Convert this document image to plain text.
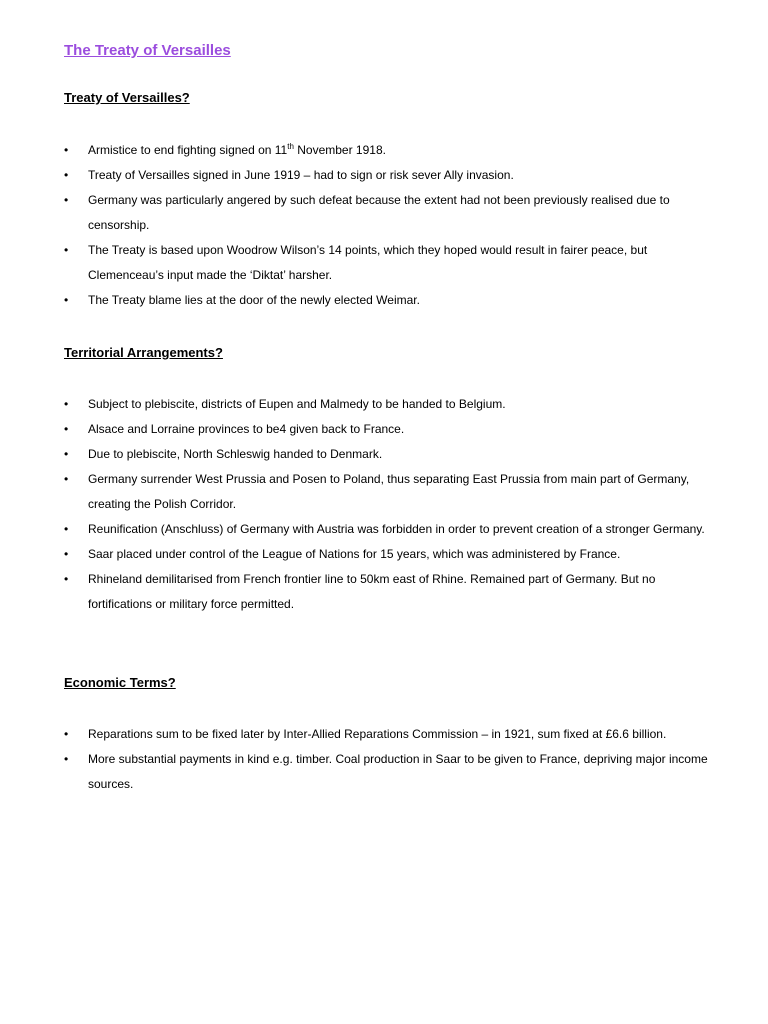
The Treaty of Versailles
Treaty of Versailles?
• Armistice to end fighting signed on 11th November 1918.
• Treaty of Versailles signed in June 1919 – had to sign or risk sever Ally invasion.
• Germany was particularly angered by such defeat because the extent had not been previously realised due to censorship.
• The Treaty is based upon Woodrow Wilson’s 14 points, which they hoped would result in fairer peace, but Clemenceau’s input made the ‘Diktat’ harsher.
• The Treaty blame lies at the door of the newly elected Weimar.
Territorial Arrangements?
• Subject to plebiscite, districts of Eupen and Malmedy to be handed to Belgium.
• Alsace and Lorraine provinces to be4 given back to France.
• Due to plebiscite, North Schleswig handed to Denmark.
• Germany surrender West Prussia and Posen to Poland, thus separating East Prussia from main part of Germany, creating the Polish Corridor.
• Reunification (Anschluss) of Germany with Austria was forbidden in order to prevent creation of a stronger Germany.
• Saar placed under control of the League of Nations for 15 years, which was administered by France.
• Rhineland demilitarised from French frontier line to 50km east of Rhine. Remained part of Germany. But no fortifications or military force permitted.
Economic Terms?
• Reparations sum to be fixed later by Inter-Allied Reparations Commission – in 1921, sum fixed at £6.6 billion.
• More substantial payments in kind e.g. timber. Coal production in Saar to be given to France, depriving major income sources.
